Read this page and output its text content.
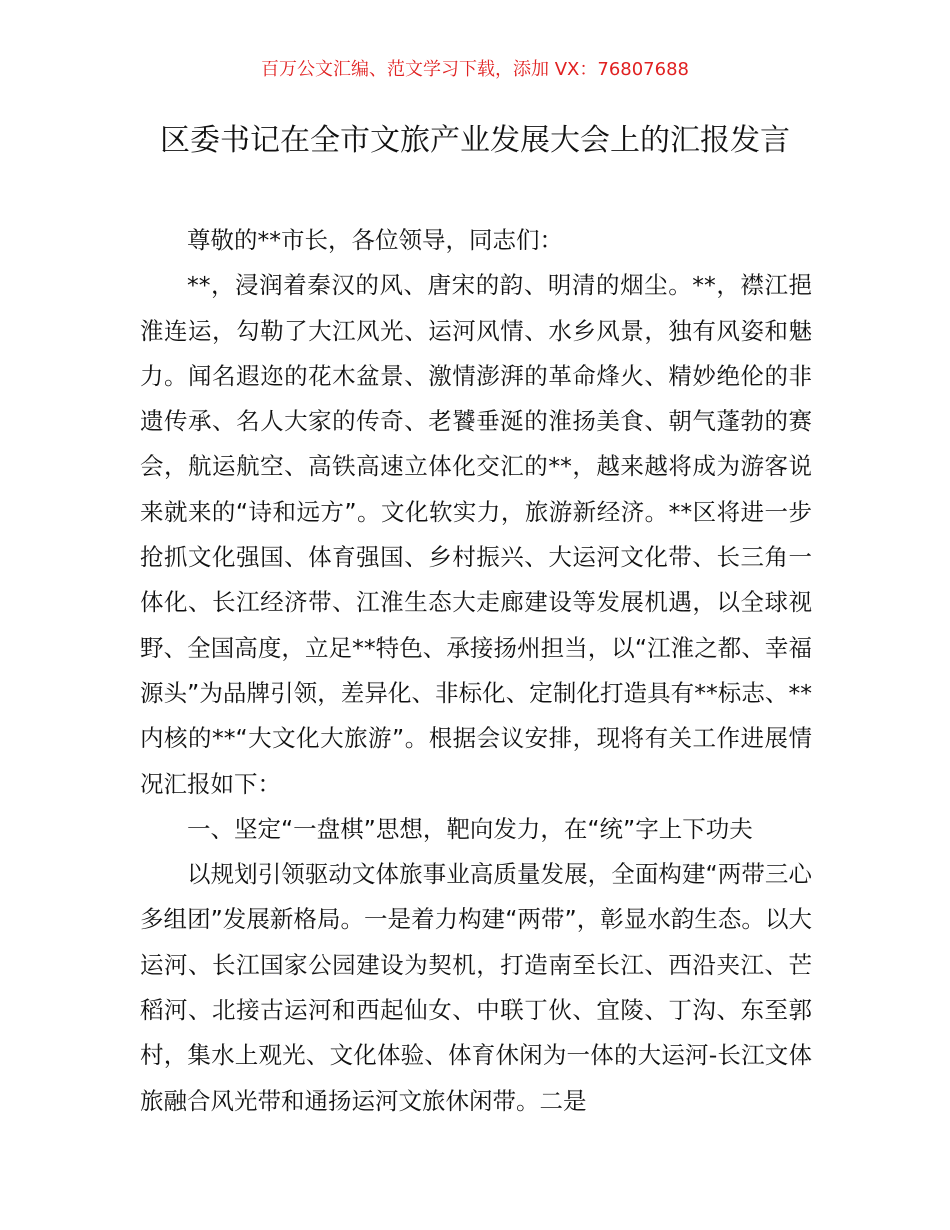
百万公文汇编、范文学习下载，添加 VX：76807688
区委书记在全市文旅产业发展大会上的汇报发言

尊敬的**市长，各位领导，同志们：

**，浸润着秦汉的风、唐宋的韵、明清的烟尘。**，襟江挹淮连运，勾勒了大江风光、运河风情、水乡风景，独有风姿和魅力。闻名遐迩的花木盆景、激情澎湃的革命烽火、精妙绝伦的非遗传承、名人大家的传奇、老饕垂涎的淮扬美食、朝气蓬勃的赛会，航运航空、高铁高速立体化交汇的**，越来越将成为游客说来就来的“诗和远方”。文化软实力，旅游新经济。**区将进一步抢抓文化强国、体育强国、乡村振兴、大运河文化带、长三角一体化、长江经济带、江淮生态大走廊建设等发展机遇，以全球视野、全国高度，立足**特色、承接扬州担当，以“江淮之都、幸福源头”为品牌引领，差异化、非标化、定制化打造具有**标志、**内核的**“大文化大旅游”。根据会议安排，现将有关工作进展情况汇报如下：

一、坚定“一盘棋”思想，靶向发力，在“统”字上下功夫

以规划引领驱动文体旅事业高质量发展，全面构建“两带三心多组团”发展新格局。一是着力构建“两带”，彰显水韵生态。以大运河、长江国家公园建设为契机，打造南至长江、西沿夹江、芒稻河、北接古运河和西起仙女、中联丁伙、宜陵、丁沟、东至郭村，集水上观光、文化体验、体育休闲为一体的大运河-长江文体旅融合风光带和通扬运河文旅休闲带。二是
